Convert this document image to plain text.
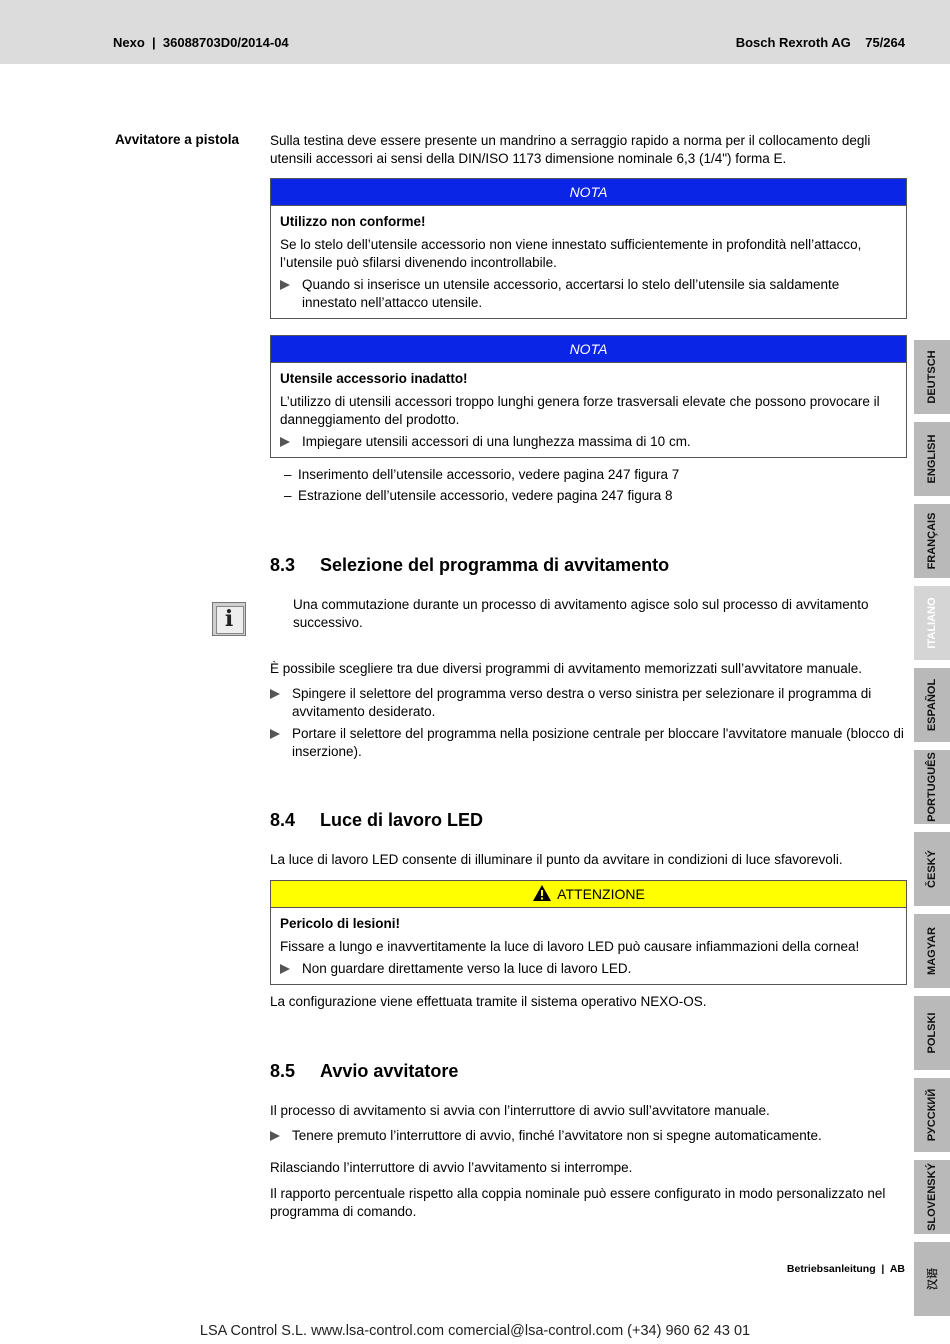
Nexo  |  36088703D0/2014-04	Bosch Rexroth AG    75/264
Avvitatore a pistola Sulla testina deve essere presente un mandrino a serraggio rapido a norma per il collocamento degli utensili accessori ai sensi della DIN/ISO 1173 dimensione nominale 6,3 (1/4") forma E.
NOTA
Utilizzo non conforme!
Se lo stelo dell’utensile accessorio non viene innestato sufficientemente in profondità nell’attacco, l’utensile può sfilarsi divenendo incontrollabile.
Quando si inserisce un utensile accessorio, accertarsi lo stelo dell’utensile sia saldamente innestato nell’attacco utensile.
NOTA
Utensile accessorio inadatto!
L’utilizzo di utensili accessori troppo lunghi genera forze trasversali elevate che possono provocare il danneggiamento del prodotto.
Impiegare utensili accessori di una lunghezza massima di 10 cm.
– Inserimento dell’utensile accessorio, vedere pagina 247 figura 7
– Estrazione dell’utensile accessorio, vedere pagina 247 figura 8
8.3 Selezione del programma di avvitamento
i
Una commutazione durante un processo di avvitamento agisce solo sul processo di avvitamento successivo.
È possibile scegliere tra due diversi programmi di avvitamento memorizzati sull’avvitatore manuale.
Spingere il selettore del programma verso destra o verso sinistra per selezionare il programma di avvitamento desiderato.
Portare il selettore del programma nella posizione centrale per bloccare l'avvitatore manuale (blocco di inserzione).
8.4 Luce di lavoro LED
La luce di lavoro LED consente di illuminare il punto da avvitare in condizioni di luce sfavorevoli.
ATTENZIONE
Pericolo di lesioni!
Fissare a lungo e inavvertitamente la luce di lavoro LED può causare infiammazioni della cornea!
Non guardare direttamente verso la luce di lavoro LED.
La configurazione viene effettuata tramite il sistema operativo NEXO-OS.
8.5 Avvio avvitatore
Il processo di avvitamento si avvia con l’interruttore di avvio sull’avvitatore manuale.
Tenere premuto l’interruttore di avvio, finché l’avvitatore non si spegne automaticamente.
Rilasciando l’interruttore di avvio l’avvitamento si interrompe.
Il rapporto percentuale rispetto alla coppia nominale può essere configurato in modo personalizzato nel programma di comando.
DEUTSCH
ENGLISH
FRANÇAIS
ITALIANO
ESPAÑOL
PORTUGUÊS
ČESKÝ
MAGYAR
POLSKI
РУССКИЙ
SLOVENSKÝ
汉语
Betriebsanleitung  |  AB
LSA Control S.L. www.lsa-control.com comercial@lsa-control.com (+34) 960 62 43 01
